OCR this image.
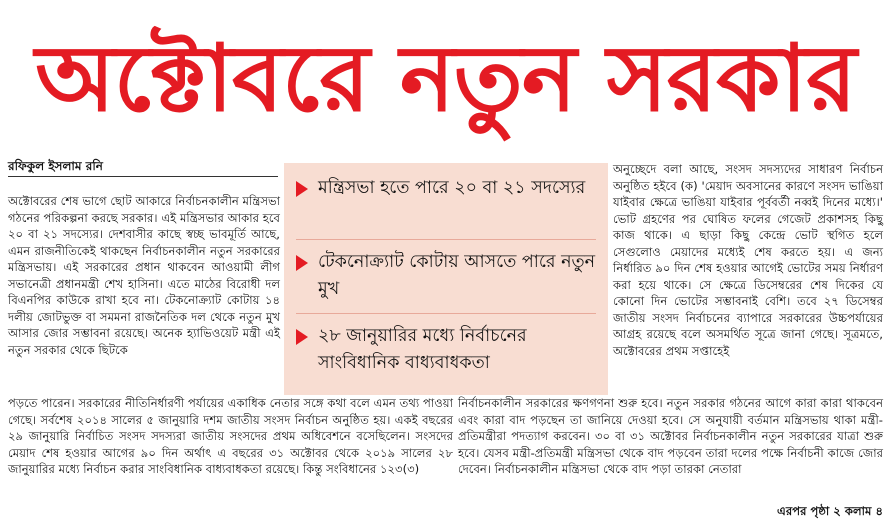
অক্টোবরে নতুন সরকার
রফিকুল ইসলাম রনি

অক্টোবরের শেষ ভাগে ছোট আকারে নির্বাচনকালীন মন্ত্রিসভা গঠনের পরিকল্পনা করছে সরকার। এই মন্ত্রিসভার আকার হবে ২০ বা ২১ সদস্যের। দেশবাসীর কাছে স্বচ্ছ ভাবমূর্তি আছে, এমন রাজনীতিকেই থাকছেন নির্বাচনকালীন নতুন সরকারের মন্ত্রিসভায়। এই সরকারের প্রধান থাকবেন আওয়ামী লীগ সভানেত্রী প্রধানমন্ত্রী শেখ হাসিনা। এতে মাঠের বিরোধী দল বিএনপির কাউকে রাখা হবে না। টেকনোক্র্যাট কোটায় ১৪ দলীয় জোটভুক্ত বা সমমনা রাজনৈতিক দল থেকে নতুন মুখ আসার জোর সম্ভাবনা রয়েছে। অনেক হ্যাভিওয়েট মন্ত্রী এই নতুন সরকার থেকে ছিটকে

মন্ত্রিসভা হতে পারে ২০ বা ২১ সদস্যের
টেকনোক্র্যাট কোটায় আসতে পারে নতুন মুখ
২৮ জানুয়ারির মধ্যে নির্বাচনের সাংবিধানিক বাধ্যবাধকতা

অনুচ্ছেদে বলা আছে, সংসদ সদস্যদের সাধারণ নির্বাচন অনুষ্ঠিত হইবে (ক) 'মেয়াদ অবসানের কারণে সংসদ ভাঙিয়া যাইবার ক্ষেত্রে ভাঙিয়া যাইবার পূর্ববর্তী নব্বই দিনের মধ্যে।' ভোট গ্রহণের পর ঘোষিত ফলের গেজেট প্রকাশসহ কিছু কাজ থাকে। এ ছাড়া কিছু কেন্দ্রে ভোট স্থগিত হলে সেগুলোও মেয়াদের মধ্যেই শেষ করতে হয়। এ জন্য নির্ধারিত ৯০ দিন শেষ হওয়ার আগেই ভোটের সময় নির্ধারণ করা হয়ে থাকে। সে ক্ষেত্রে ডিসেম্বরের শেষ দিকের যে কোনো দিন ভোটের সম্ভাবনাই বেশি। তবে ২৭ ডিসেম্বর জাতীয় সংসদ নির্বাচনের ব্যাপারে সরকারের উচ্চপর্যায়ের আগ্রহ রয়েছে বলে অসমর্থিত সূত্রে জানা গেছে। সূত্রমতে, অক্টোবরের প্রথম সপ্তাহেই

পড়তে পারেন। সরকারের নীতিনির্ধারণী পর্যায়ের একাধিক নেতার সঙ্গে কথা বলে এমন তথ্য পাওয়া গেছে। সর্বশেষ ২০১৪ সালের ৫ জানুয়ারি দশম জাতীয় সংসদ নির্বাচন অনুষ্ঠিত হয়। একই বছরের ২৯ জানুয়ারি নির্বাচিত সংসদ সদস্যরা জাতীয় সংসদের প্রথম অধিবেশনে বসেছিলেন। সংসদের মেয়াদ শেষ হওয়ার আগের ৯০ দিন অর্থাৎ এ বছরের ৩১ অক্টোবর থেকে ২০১৯ সালের ২৮ জানুয়ারির মধ্যে নির্বাচন করার সাংবিধানিক বাধ্যবাধকতা রয়েছে। কিন্তু সংবিধানের ১২৩(৩)

নির্বাচনকালীন সরকারের ক্ষণগণনা শুরু হবে। নতুন সরকার গঠনের আগে কারা কারা থাকবেন এবং কারা বাদ পড়ছেন তা জানিয়ে দেওয়া হবে। সে অনুযায়ী বর্তমান মন্ত্রিসভায় থাকা মন্ত্রী-প্রতিমন্ত্রীরা পদত্যাগ করবেন। ৩০ বা ৩১ অক্টোবর নির্বাচনকালীন নতুন সরকারের যাত্রা শুরু হবে। যেসব মন্ত্রী-প্রতিমন্ত্রী মন্ত্রিসভা থেকে বাদ পড়বেন তারা দলের পক্ষে নির্বাচনী কাজে জোর দেবেন। নির্বাচনকালীন মন্ত্রিসভা থেকে বাদ পড়া তারকা নেতারা

এরপর পৃষ্ঠা ২ কলাম ৪
